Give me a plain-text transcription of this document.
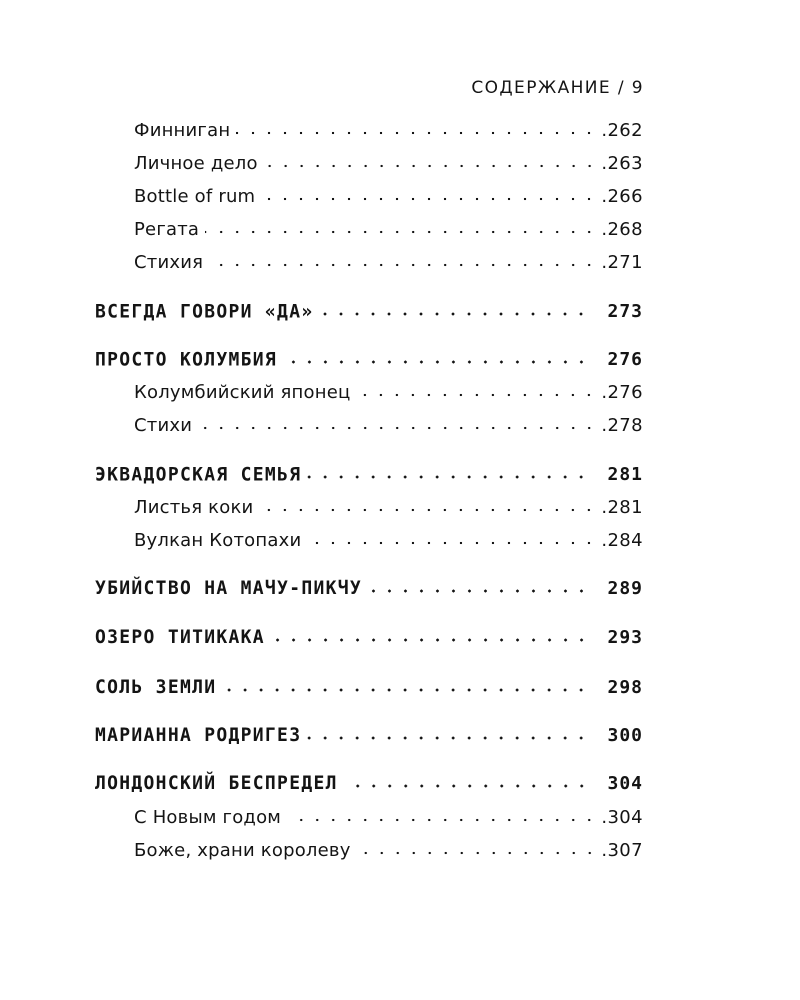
СОДЕРЖАНИЕ / 9
Финниган	. 262
Личное дело	. 263
Bottle of rum	. 266
Регата	. 268
Стихия	. 271
ВСЕГДА ГОВОРИ «ДА»	273
ПРОСТО КОЛУМБИЯ	276
Колумбийский японец	. 276
Стихи	. 278
ЭКВАДОРСКАЯ СЕМЬЯ	281
Листья коки	. 281
Вулкан Котопахи	. 284
УБИЙСТВО НА МАЧУ-ПИКЧУ	289
ОЗЕРО ТИТИКАКА	293
СОЛЬ ЗЕМЛИ	298
МАРИАННА РОДРИГЕЗ	300
ЛОНДОНСКИЙ БЕСПРЕДЕЛ	304
С Новым годом	. 304
Боже, храни королеву	. 307
